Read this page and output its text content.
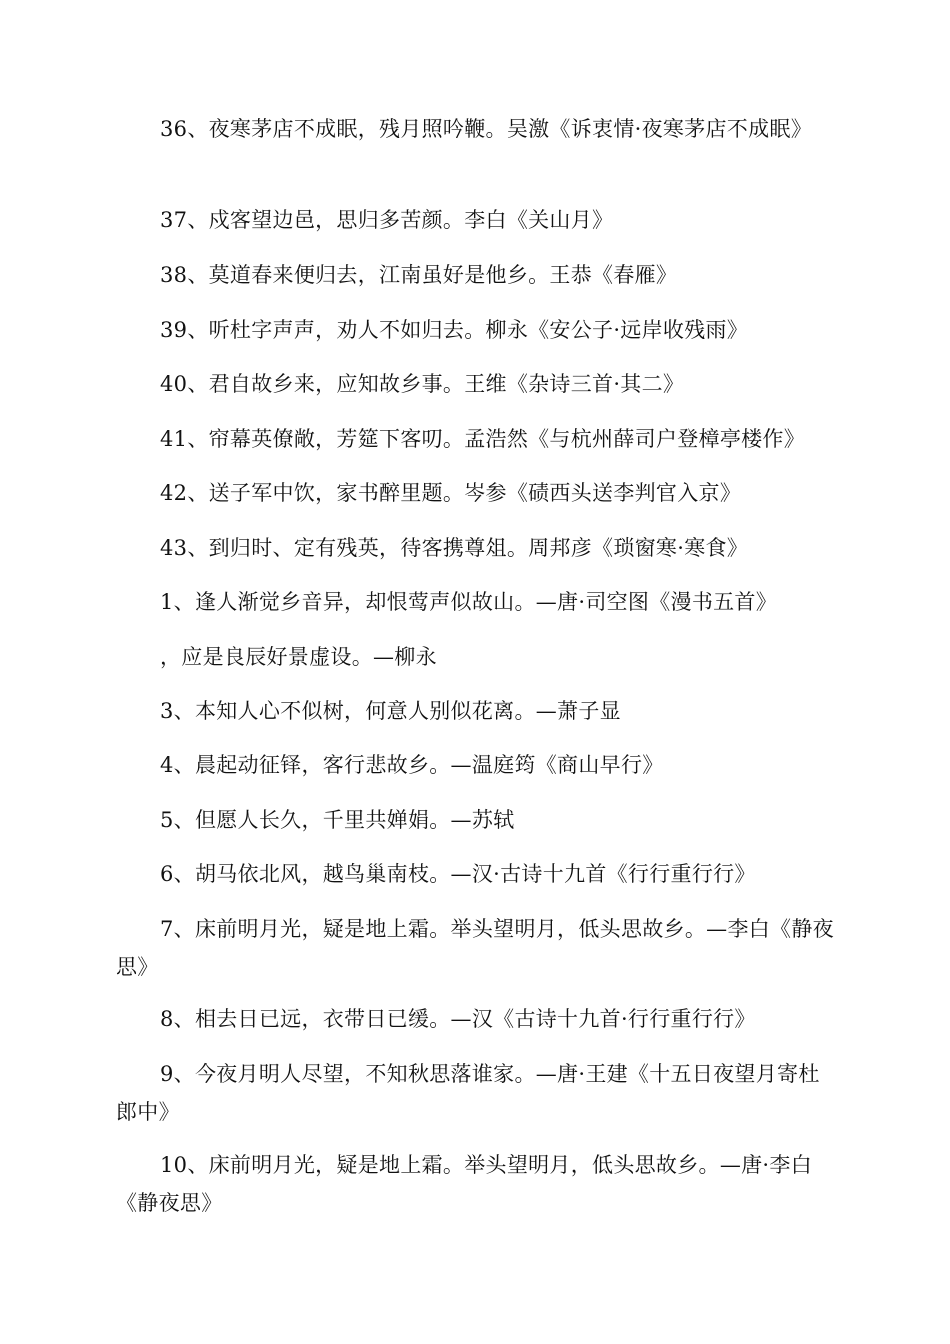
36、夜寒茅店不成眠，残月照吟鞭。吴激《诉衷情·夜寒茅店不成眠》

37、戍客望边邑，思归多苦颜。李白《关山月》

38、莫道春来便归去，江南虽好是他乡。王恭《春雁》

39、听杜字声声，劝人不如归去。柳永《安公子·远岸收残雨》

40、君自故乡来，应知故乡事。王维《杂诗三首·其二》

41、帘幕英僚敞，芳筵下客叨。孟浩然《与杭州薛司户登樟亭楼作》

42、送子军中饮，家书醉里题。岑参《碛西头送李判官入京》

43、到归时、定有残英，待客携尊俎。周邦彦《琐窗寒·寒食》

1、逢人渐觉乡音异，却恨莺声似故山。—唐·司空图《漫书五首》

，应是良辰好景虚设。—柳永

3、本知人心不似树，何意人别似花离。—萧子显

4、晨起动征铎，客行悲故乡。—温庭筠《商山早行》

5、但愿人长久，千里共婵娟。—苏轼

6、胡马依北风，越鸟巢南枝。—汉·古诗十九首《行行重行行》

7、床前明月光，疑是地上霜。举头望明月，低头思故乡。—李白《静夜思》

8、相去日已远，衣带日已缓。—汉《古诗十九首·行行重行行》

9、今夜月明人尽望，不知秋思落谁家。—唐·王建《十五日夜望月寄杜郎中》

10、床前明月光，疑是地上霜。举头望明月，低头思故乡。—唐·李白《静夜思》
